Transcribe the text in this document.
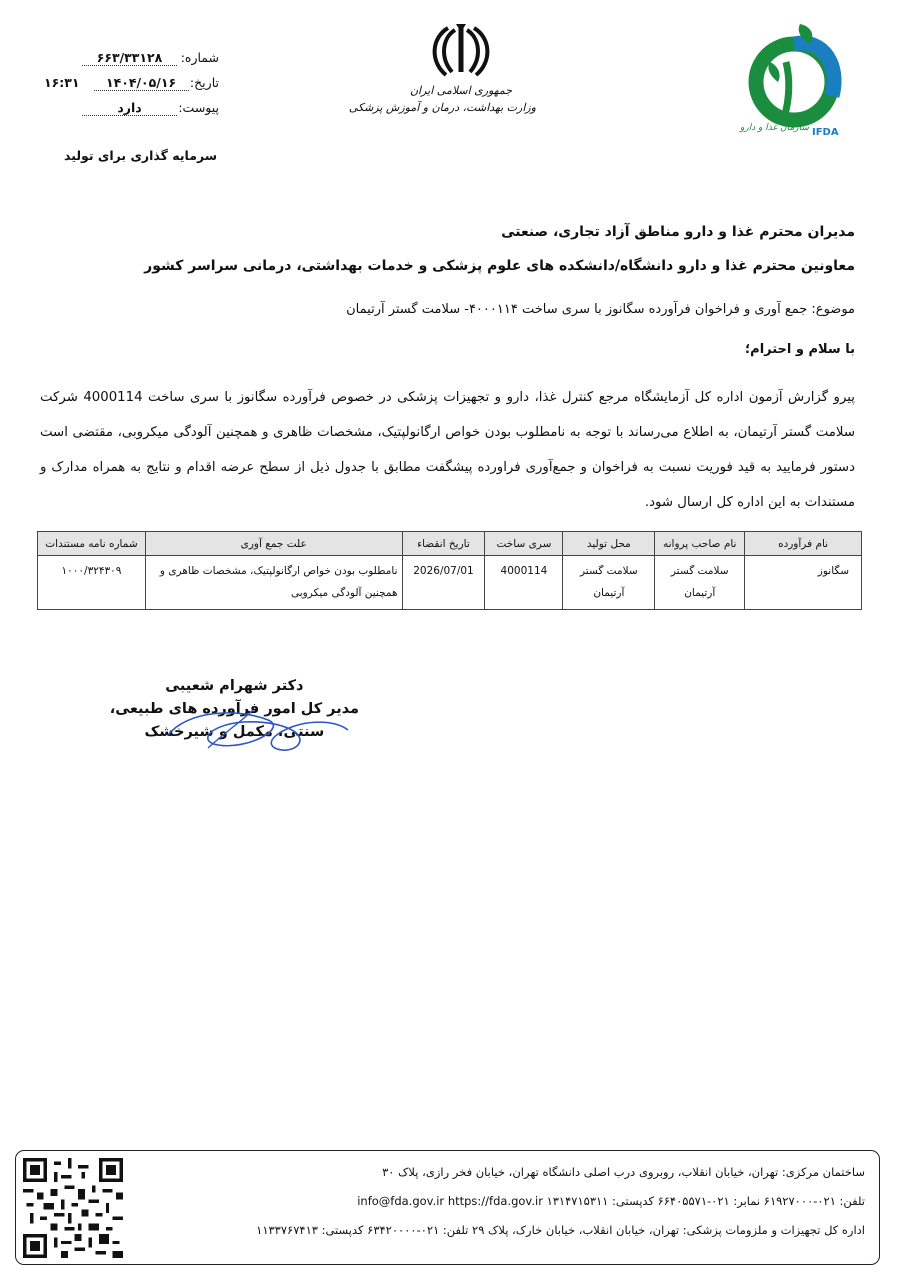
شماره:
۶۶۳/۳۳۱۲۸
تاریخ:
۱۴۰۴/۰۵/۱۶
۱۶:۳۱
پیوست:
دارد
سرمایه گذاری برای تولید
جمهوری اسلامی ایران
وزارت بهداشت، درمان و آموزش پزشکی
سازمان غذا و دارو IFDA
مدیران محترم غذا و دارو مناطق آزاد تجاری، صنعتی
معاونین محترم غذا و دارو دانشگاه/دانشکده های علوم پزشکی و خدمات بهداشتی، درمانی سراسر کشور
موضوع: جمع آوری و فراخوان فرآورده سگانوز با سری ساخت ۴۰۰۰۱۱۴- سلامت گستر آرتیمان
با سلام و احترام؛

پیرو گزارش آزمون اداره کل آزمایشگاه مرجع کنترل غذا، دارو و تجهیزات پزشکی در خصوص فرآورده سگانوز با سری ساخت 4000114 شرکت سلامت گستر آرتیمان، به اطلاع می‌رساند با توجه به نامطلوب بودن خواص ارگانولپتیک، مشخصات ظاهری و همچنین آلودگی میکروبی، مقتضی است دستور فرمایید به قید فوریت نسبت به فراخوان و جمع‌آوری فراورده پیشگفت مطابق با جدول ذیل از سطح عرضه اقدام و نتایج به همراه مدارک و مستندات به این اداره کل ارسال شود.

نام فرآورده	نام صاحب پروانه	محل تولید	سری ساخت	تاریخ انقضاء	علت جمع آوری	شماره نامه مستندات
سگانوز	سلامت گستر آرتیمان	سلامت گستر آرتیمان	4000114	2026/07/01	نامطلوب بودن خواص ارگانولپتیک، مشخصات ظاهری و همچنین آلودگی میکروبی	۱۰۰۰/۳۲۴۳۰۹
دکتر شهرام شعیبی
مدیر کل امور فرآورده های طبیعی،
سنتی، مکمل و شیرخشک
ساختمان مرکزی: تهران، خیابان انقلاب، روبروی درب اصلی دانشگاه تهران، خیابان فخر رازی، پلاک ۳۰
تلفن: ۰۲۱-۶۱۹۲۷۰۰۰ نمابر: ۰۲۱-۶۶۴۰۵۵۷۱ کدپستی: ۱۳۱۴۷۱۵۳۱۱ info@fda.gov.ir https://fda.gov.ir
اداره کل تجهیزات و ملزومات پزشکی: تهران، خیابان انقلاب، خیابان خارک، پلاک ۲۹ تلفن: ۰۲۱-۶۳۴۲۰۰۰۰ کدپستی: ۱۱۳۳۷۶۷۴۱۳
